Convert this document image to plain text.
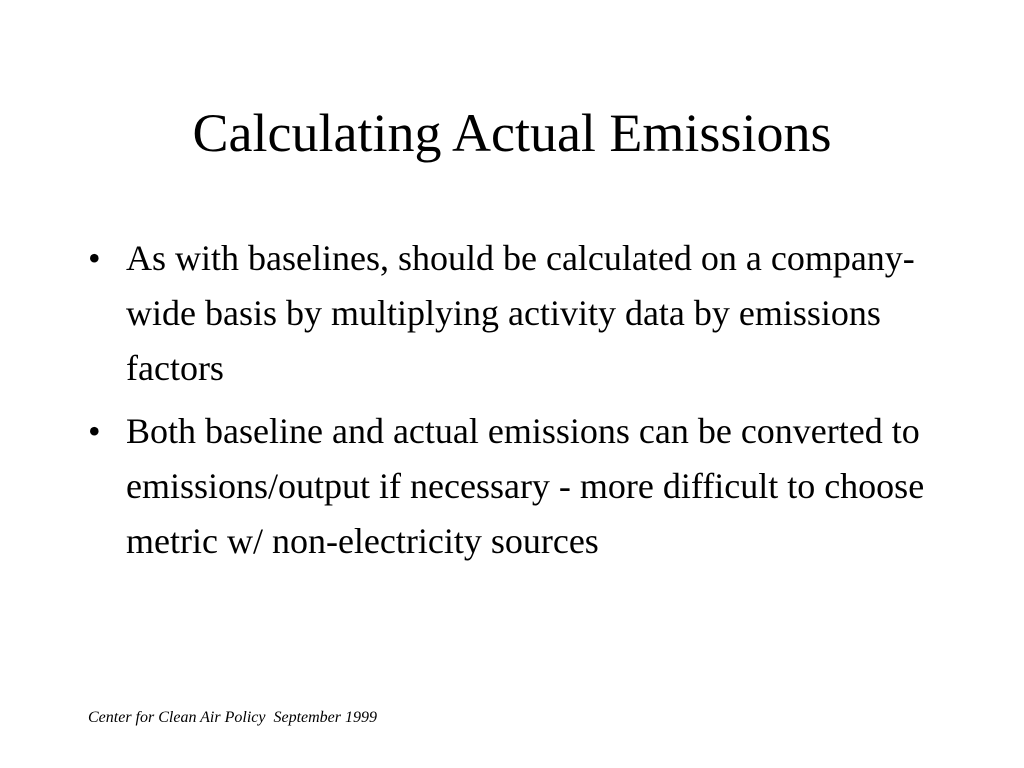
Calculating Actual Emissions
• As with baselines, should be calculated on a company-wide basis by multiplying activity data by emissions factors
• Both baseline and actual emissions can be converted to emissions/output if necessary - more difficult to choose metric w/ non-electricity sources
Center for Clean Air Policy  September 1999
